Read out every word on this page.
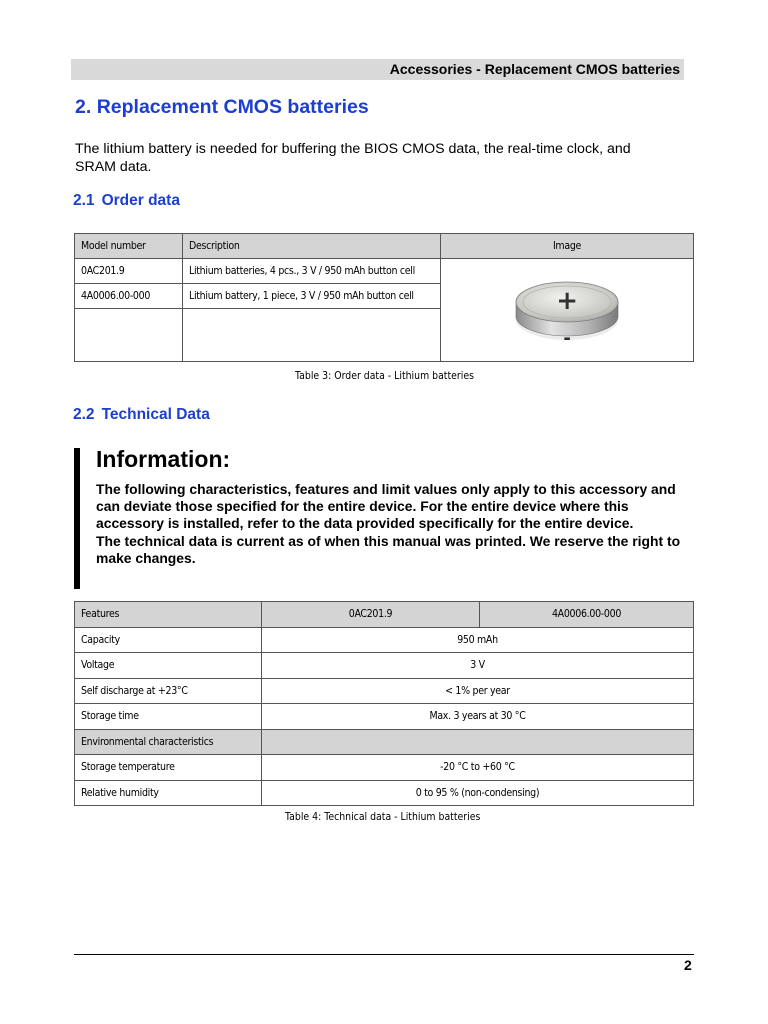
Accessories - Replacement CMOS batteries
2. Replacement CMOS batteries
The lithium battery is needed for buffering the BIOS CMOS data, the real-time clock, and SRAM data.
2.1 Order data
Model number	Description	Image
0AC201.9	Lithium batteries, 4 pcs., 3 V / 950 mAh button cell	+
-

4A0006.00-000	Lithium battery, 1 piece, 3 V / 950 mAh button cell	

Table 3: Order data - Lithium batteries
2.2 Technical Data
Information:
The following characteristics, features and limit values only apply to this accessory and can deviate those specified for the entire device. For the entire device where this accessory is installed, refer to the data provided specifically for the entire device.
The technical data is current as of when this manual was printed. We reserve the right to make changes.
Features	0AC201.9	4A0006.00-000
Capacity	950 mAh	
Voltage	3 V	
Self discharge at +23°C	< 1% per year	
Storage time	Max. 3 years at 30 °C	
Environmental characteristics		
Storage temperature	-20 °C to +60 °C	
Relative humidity	0 to 95 % (non-condensing)	
Table 4: Technical data - Lithium batteries
2
